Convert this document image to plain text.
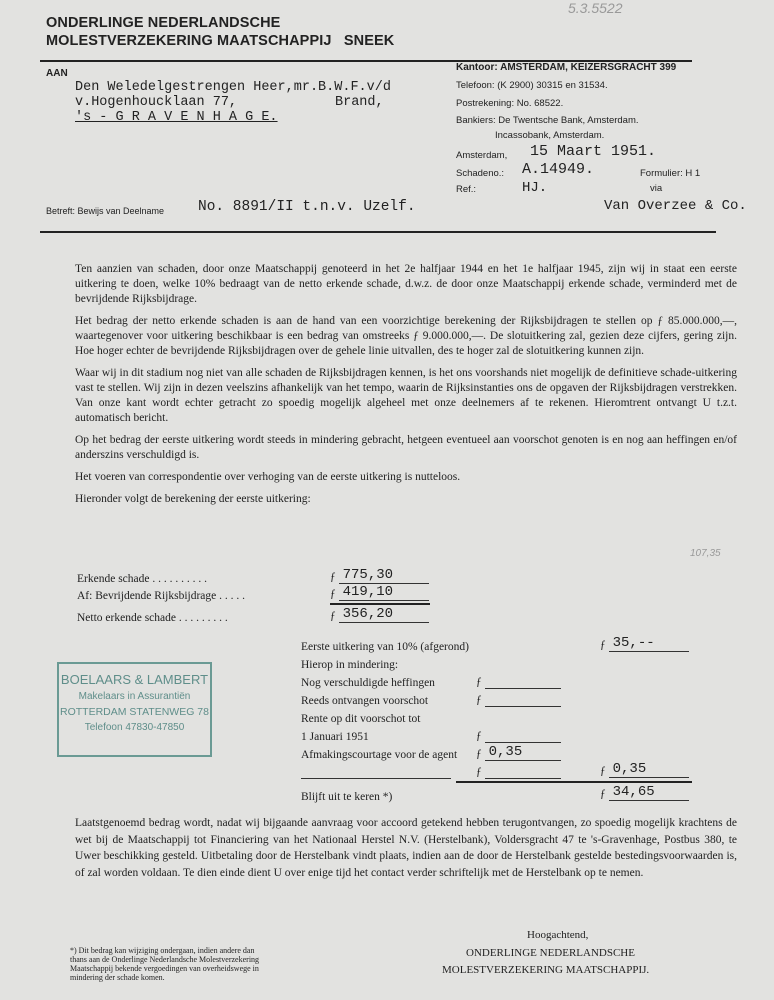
5.3.5522
ONDERLINGE NEDERLANDSCHE
MOLESTVERZEKERING MAATSCHAPPIJ SNEEK
AAN
Den Weledelgestrengen Heer,mr.B.W.F.v/d
v.Hogenhoucklaan 77,	Brand,
's - G R A V E N H A G E.
Kantoor: AMSTERDAM, KEIZERSGRACHT 399
Telefoon: (K 2900) 30315 en 31534.
Postrekening: No. 68522.
Bankiers: De Twentsche Bank, Amsterdam.
Incassobank, Amsterdam.
Amsterdam, 15 Maart 1951.
Schadeno.: A.14949.	Formulier: H 1
Ref.:	HJ.	via
Van Overzee & Co.
Betreft: Bewijs van Deelname No. 8891/II t.n.v. Uzelf.

Ten aanzien van schaden, door onze Maatschappij genoteerd in het 2e halfjaar 1944 en het 1e halfjaar 1945, zijn wij in staat een eerste uitkering te doen, welke 10% bedraagt van de netto erkende schade, d.w.z. de door onze Maatschappij erkende schade, verminderd met de bevrijdende Rijksbijdrage.

Het bedrag der netto erkende schaden is aan de hand van een voorzichtige berekening der Rijksbijdragen te stellen op ƒ 85.000.000,—, waartegenover voor uitkering beschikbaar is een bedrag van omstreeks ƒ 9.000.000,—. De slotuitkering zal, gezien deze cijfers, gering zijn. Hoe hoger echter de bevrijdende Rijksbijdragen over de gehele linie uitvallen, des te hoger zal de slotuitkering kunnen zijn.

Waar wij in dit stadium nog niet van alle schaden de Rijksbijdragen kennen, is het ons voorshands niet mogelijk de definitieve schade-uitkering vast te stellen. Wij zijn in dezen veelszins afhankelijk van het tempo, waarin de Rijksinstanties ons de opgaven der Rijksbijdragen verstrekken. Van onze kant wordt echter getracht zo spoedig mogelijk algeheel met onze deelnemers af te rekenen. Hieromtrent ontvangt U t.z.t. automatisch bericht.

Op het bedrag der eerste uitkering wordt steeds in mindering gebracht, hetgeen eventueel aan voorschot genoten is en nog aan heffingen en/of anderszins verschuldigd is.

Het voeren van correspondentie over verhoging van de eerste uitkering is nutteloos.

Hieronder volgt de berekening der eerste uitkering:

107,35
Erkende schade . . . . . . . . . .	ƒ 775,30
Af: Bevrijdende Rijksbijdrage . . . . .	ƒ 419,10
Netto erkende schade . . . . . . . . .	ƒ 356,20
Eerste uitkering van 10% (afgerond)	ƒ 35,--
Hierop in mindering:
Nog verschuldigde heffingen	ƒ
Reeds ontvangen voorschot	ƒ
Rente op dit voorschot tot
1 Januari 1951	ƒ
Afmakingscourtage voor de agent ƒ 0,35
ƒ	ƒ 0,35
Blijft uit te keren *)	ƒ 34,65
BOELAARS & LAMBERT
Makelaars in Assurantiën
ROTTERDAM STATENWEG 78
Telefoon 47830-47850
Laatstgenoemd bedrag wordt, nadat wij bijgaande aanvraag voor accoord getekend hebben terugontvangen, zo spoedig mogelijk krachtens de wet bij de Maatschappij tot Financiering van het Nationaal Herstel N.V. (Herstelbank), Voldersgracht 47 te 's-Gravenhage, Postbus 380, te Uwer beschikking gesteld. Uitbetaling door de Herstelbank vindt plaats, indien aan de door de Herstelbank gestelde bestedingsvoorwaarden is, of zal worden voldaan. Te dien einde dient U over enige tijd het contact verder schriftelijk met de Herstelbank op te nemen.
Hoogachtend,
ONDERLINGE NEDERLANDSCHE
MOLESTVERZEKERING MAATSCHAPPIJ.
*) Dit bedrag kan wijziging ondergaan, indien andere dan thans aan de Onderlinge Nederlandsche Molestverzekering Maatschappij bekende vergoedingen van overheidswege in mindering der schade komen.
